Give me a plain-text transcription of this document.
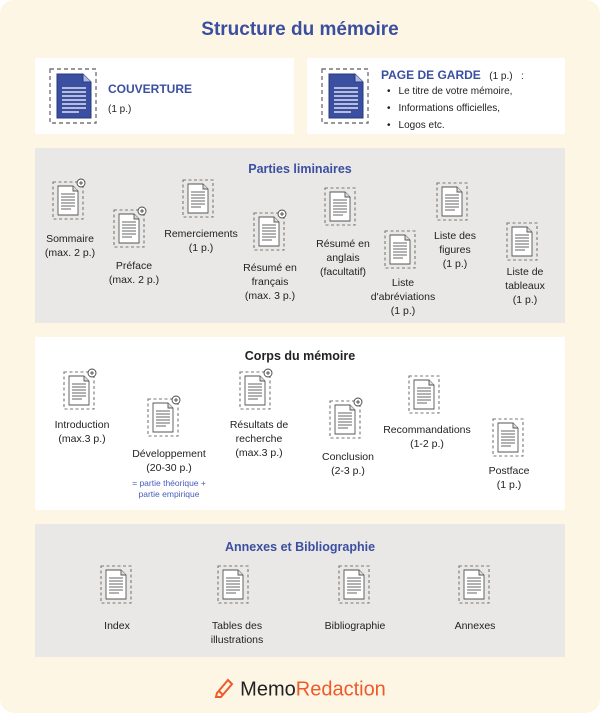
Structure du mémoire
COUVERTURE
(1 p.)
PAGE DE GARDE (1 p.) :
• Le titre de votre mémoire,
• Informations officielles,
• Logos etc.
Parties liminaires
Sommaire
(max. 2 p.)
Préface
(max. 2 p.)
Remerciements
(1 p.)
Résumé en
français
(max. 3 p.)
Résumé en
anglais
(facultatif)
Liste
d'abréviations
(1 p.)
Liste des
figures
(1 p.)
Liste de
tableaux
(1 p.)
Corps du mémoire
Introduction
(max.3 p.)
Développement
(20-30 p.)
= partie théorique +
partie empirique
Résultats de
recherche
(max.3 p.)	Conclusion
(2-3 p.)
Recommandations
(1-2 p.)
Postface
(1 p.)
Annexes et Bibliographie
Index	Tables des
illustrations
Bibliographie	Annexes
MemoRedaction
